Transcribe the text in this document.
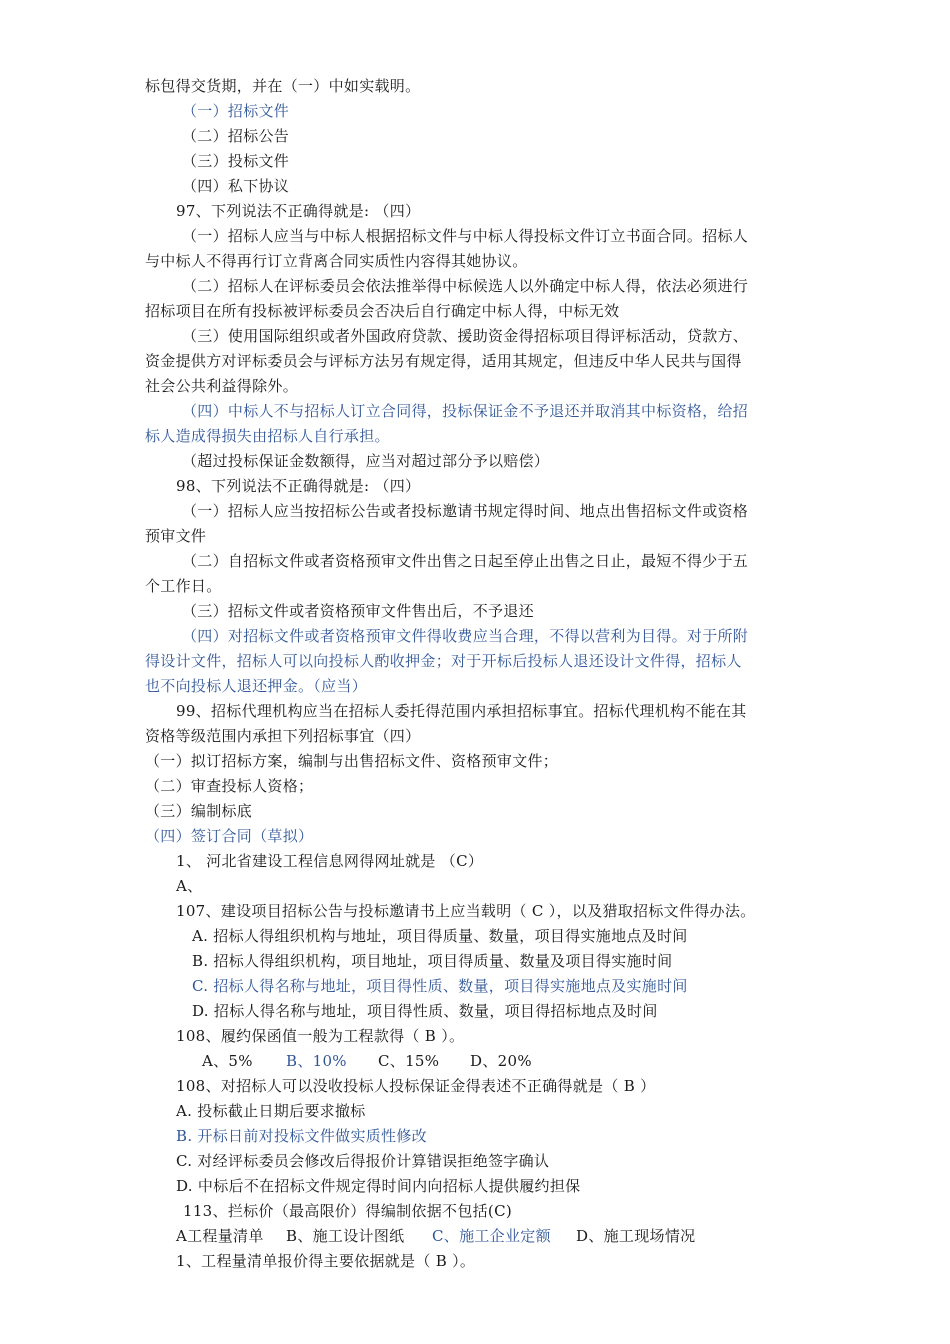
标包得交货期，并在（一）中如实载明。
（一）招标文件
（二）招标公告
（三）投标文件
（四）私下协议
97、下列说法不正确得就是: （四）
（一）招标人应当与中标人根据招标文件与中标人得投标文件订立书面合同。招标人
与中标人不得再行订立背离合同实质性内容得其她协议。
（二）招标人在评标委员会依法推举得中标候选人以外确定中标人得，依法必须进行
招标项目在所有投标被评标委员会否决后自行确定中标人得，中标无效
（三）使用国际组织或者外国政府贷款、援助资金得招标项目得评标活动，贷款方、
资金提供方对评标委员会与评标方法另有规定得，适用其规定，但违反中华人民共与国得
社会公共利益得除外。
（四）中标人不与招标人订立合同得，投标保证金不予退还并取消其中标资格，给招
标人造成得损失由招标人自行承担。
（超过投标保证金数额得，应当对超过部分予以赔偿）
98、下列说法不正确得就是: （四）
（一）招标人应当按招标公告或者投标邀请书规定得时间、地点出售招标文件或资格
预审文件
（二）自招标文件或者资格预审文件出售之日起至停止出售之日止，最短不得少于五
个工作日。
（三）招标文件或者资格预审文件售出后，不予退还
（四）对招标文件或者资格预审文件得收费应当合理，不得以营利为目得。对于所附
得设计文件，招标人可以向投标人酌收押金；对于开标后投标人退还设计文件得，招标人
也不向投标人退还押金。（应当）
99、招标代理机构应当在招标人委托得范围内承担招标事宜。招标代理机构不能在其
资格等级范围内承担下列招标事宜（四）
（一）拟订招标方案，编制与出售招标文件、资格预审文件；
（二）审查投标人资格；
（三）编制标底
（四）签订合同（草拟）
1、 河北省建设工程信息网得网址就是 （C）
A、
107、建设项目招标公告与投标邀请书上应当载明（ C ），以及猎取招标文件得办法。
A. 招标人得组织机构与地址，项目得质量、数量，项目得实施地点及时间
B. 招标人得组织机构，项目地址，项目得质量、数量及项目得实施时间
C. 招标人得名称与地址，项目得性质、数量，项目得实施地点及实施时间
D. 招标人得名称与地址，项目得性质、数量，项目得招标地点及时间
108、履约保函值一般为工程款得（ B ）。
108、对招标人可以没收投标人投标保证金得表述不正确得就是（ B ）
A. 投标截止日期后要求撤标
B. 开标日前对投标文件做实质性修改
C. 对经评标委员会修改后得报价计算错误拒绝签字确认
D. 中标后不在招标文件规定得时间内向招标人提供履约担保
113、拦标价（最高限价）得编制依据不包括(C)
1、工程量清单报价得主要依据就是（ B ）。
A、5% B、10% C、15% D、20%
A工程量清单 B、施工设计图纸 C、施工企业定额 D、施工现场情况
